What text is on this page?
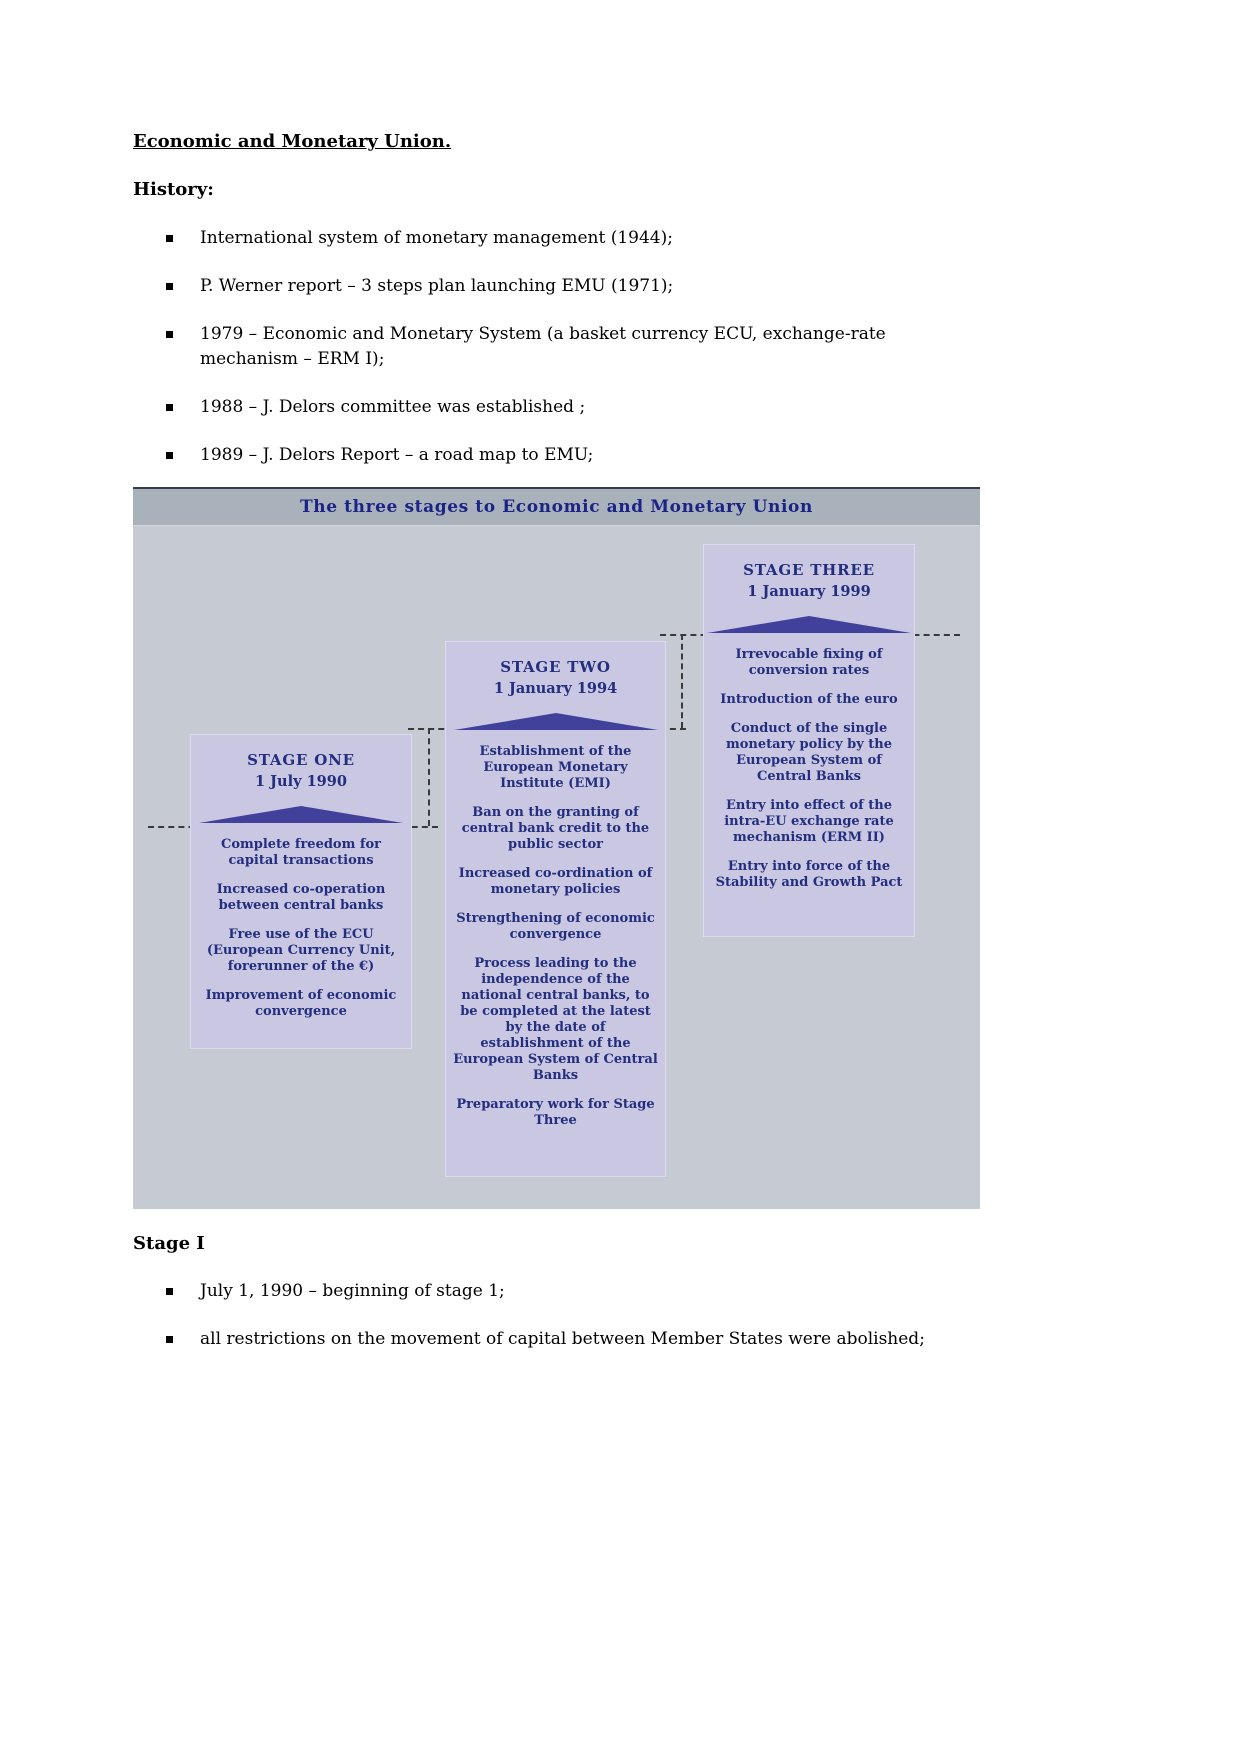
Economic and Monetary Union.
History:
International system of monetary management (1944);
P. Werner report – 3 steps plan launching EMU (1971);
1979 – Economic and Monetary System (a basket currency ECU, exchange-rate mechanism – ERM I);
1988 – J. Delors committee was established ;
1989 – J. Delors Report – a road map to EMU;
The three stages to Economic and Monetary Union
STAGE ONE
1 July 1990

Complete freedom for capital transactions

Increased co-operation between central banks

Free use of the ECU (European Currency Unit, forerunner of the €)

Improvement of economic convergence

STAGE TWO
1 January 1994

Establishment of the European Monetary Institute (EMI)

Ban on the granting of central bank credit to the public sector

Increased co-ordination of monetary policies

Strengthening of economic convergence

Process leading to the independence of the national central banks, to be completed at the latest by the date of establishment of the European System of Central Banks

Preparatory work for Stage Three

STAGE THREE
1 January 1999

Irrevocable fixing of conversion rates

Introduction of the euro

Conduct of the single monetary policy by the European System of Central Banks

Entry into effect of the intra-EU exchange rate mechanism (ERM II)

Entry into force of the Stability and Growth Pact

Stage I
July 1, 1990 – beginning of stage 1;
all restrictions on the movement of capital between Member States were abolished;
